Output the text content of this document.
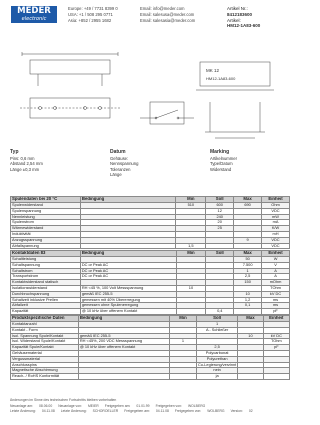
MEDER
electronic
Europe: +49 / 7731 8399 0	Email: info@meder.com
USA: +1 / 508 295 0771	Email: salesusa@meder.com
Asia: +852 / 2955 1682	Email: salesasia@meder.com
Artikel Nr.:
8412183600
Artikel:
HM12-1A83-600
MK 12
HM12-1A83-600
Typ
Pins: 0,6 mm
Abstand 2,54 mm
Länge ±0,3 mm
Datum
Gehäuse:
Nennspannung
Toleranzen
Länge
Marking
Artikelnummer
Type/Datum
Widerstand
Spulendaten bei 20 °C	Bedingung	Min	Soll	Max	Einheit
Spulenwiderstand		510	600	690	Ohm
Spulenspannung			12		VDC
Nennleistung			240		mW
Spulenstrom			20		mA
Wärmewiderstand			25		K/W
Induktivität					mH
Anzugsspannung				9	VDC
Abfallspannung		1,5			VDC
Kontaktdaten 83	Bedingung	Min	Soll	Max	Einheit
Schaltleistung				50	W
Schaltspannung	DC or Peak AC			7.500	V
Schaltstrom	DC or Peak AC			1	A
Transportstrom	DC or Peak AC			2,5	A
Kontaktwiderstand statisch				150	mOhm
Isolationswiderstand	RH <45 %, 100 Volt Messspannung	10			TOhm
Durchbruchspannung	gemäß IEC 255-5			10	kV DC
Schaltzeit inklusive Prellen	gemessen mit 40% Übererregung			1,2	ms
Abfallzeit	gemessen ohne Spulenerregung			0,1	ms
Kapazität	@ 10 kHz über offenem Kontakt		0,4		pF
Produktspezifische Daten	Bedingung	Min	Soll	Max	Einheit
Kontaktanzahl			1		
Kontakt - Form			A - Schließer		
Isol. Spannung Spule/Kontakt	gemäß IEC 255-5			10	kV DC
Isol. Widerstand Spule/Kontakt	RH <45%, 200 VDC Messspannung	1			TOhm
Kapazität Spule/Kontakt	@ 10 kHz über offenem Kontakt		2,5		pF
Gehäusematerial			Polycarbonat		
Vergussmaterial			Polyurethan		
Anschlusspins			Cu-Legierung/verzinnt		
Magnetische Abschirmung			nein		
Reach- / RoHS Konformität			ja		
Änderungen im Sinne des technischen Fortschritts bleiben vorbehalten
Neuanlage am: 08.06.00 Neuanlage von: MEIER Freigegeben am: 01.01.99 Freigegeben von: WOLBERG
Letzte Änderung: 04.11.08 Letzte Änderung: SCHOROELLER Freigegeben am: 04.11.08 Freigegeben von: WOLBERG Version: 02
